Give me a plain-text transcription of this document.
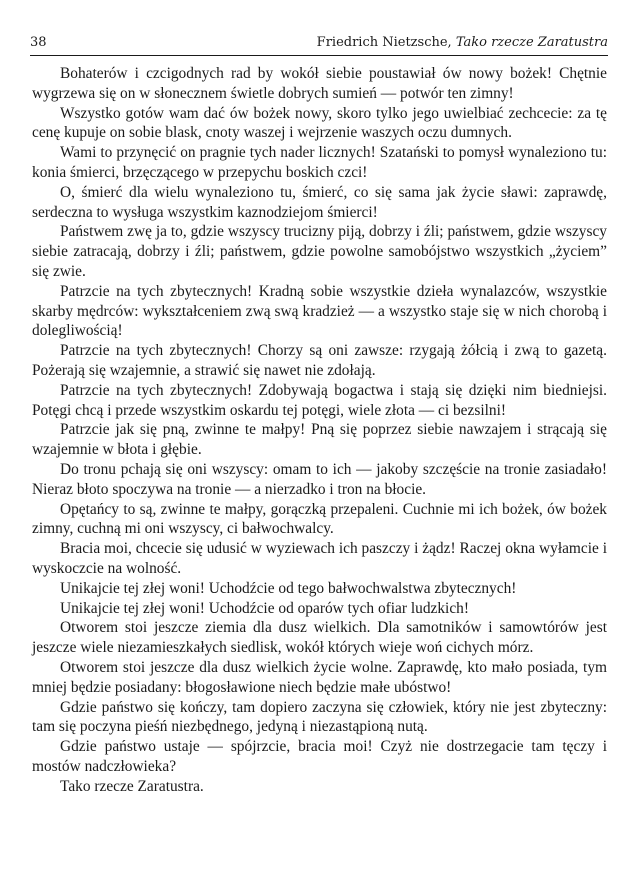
38	Friedrich Nietzsche, Tako rzecze Zaratustra

Bohaterów i czcigodnych rad by wokół siebie poustawiał ów nowy bożek! Chętnie wygrzewa się on w słonecznem świetle dobrych sumień — potwór ten zimny!

Wszystko gotów wam dać ów bożek nowy, skoro tylko jego uwielbiać zechcecie: za tę cenę kupuje on sobie blask, cnoty waszej i wejrzenie waszych oczu dumnych.

Wami to przynęcić on pragnie tych nader licznych! Szatański to pomysł wynaleziono tu: konia śmierci, brzęczącego w przepychu boskich czci!

O, śmierć dla wielu wynaleziono tu, śmierć, co się sama jak życie sławi: zaprawdę, serdeczna to wysługa wszystkim kaznodziejom śmierci!

Państwem zwę ja to, gdzie wszyscy trucizny piją, dobrzy i źli; państwem, gdzie wszyscy siebie zatracają, dobrzy i źli; państwem, gdzie powolne samobójstwo wszystkich „życiem” się zwie.

Patrzcie na tych zbytecznych! Kradną sobie wszystkie dzieła wynalazców, wszystkie skarby mędrców: wykształceniem zwą swą kradzież — a wszystko staje się w nich chorobą i dolegliwością!

Patrzcie na tych zbytecznych! Chorzy są oni zawsze: rzygają żółcią i zwą to gazetą. Pożerają się wzajemnie, a strawić się nawet nie zdołają.

Patrzcie na tych zbytecznych! Zdobywają bogactwa i stają się dzięki nim biedniejsi. Potęgi chcą i przede wszystkim oskardu tej potęgi, wiele złota — ci bezsilni!

Patrzcie jak się pną, zwinne te małpy! Pną się poprzez siebie nawzajem i strącają się wzajemnie w błota i głębie.

Do tronu pchają się oni wszyscy: omam to ich — jakoby szczęście na tronie zasiadało! Nieraz błoto spoczywa na tronie — a nierzadko i tron na błocie.

Opętańcy to są, zwinne te małpy, gorączką przepaleni. Cuchnie mi ich bożek, ów bożek zimny, cuchną mi oni wszyscy, ci bałwochwalcy.

Bracia moi, chcecie się udusić w wyziewach ich paszczy i żądz! Raczej okna wyłamcie i wyskoczcie na wolność.

Unikajcie tej złej woni! Uchodźcie od tego bałwochwalstwa zbytecznych!

Unikajcie tej złej woni! Uchodźcie od oparów tych ofiar ludzkich!

Otworem stoi jeszcze ziemia dla dusz wielkich. Dla samotników i samowtórów jest jeszcze wiele niezamieszkałych siedlisk, wokół których wieje woń cichych mórz.

Otworem stoi jeszcze dla dusz wielkich życie wolne. Zaprawdę, kto mało posiada, tym mniej będzie posiadany: błogosławione niech będzie małe ubóstwo!

Gdzie państwo się kończy, tam dopiero zaczyna się człowiek, który nie jest zbyteczny: tam się poczyna pieśń niezbędnego, jedyną i niezastąpioną nutą.

Gdzie państwo ustaje — spójrzcie, bracia moi! Czyż nie dostrzegacie tam tęczy i mostów nadczłowieka?

Tako rzecze Zaratustra.
